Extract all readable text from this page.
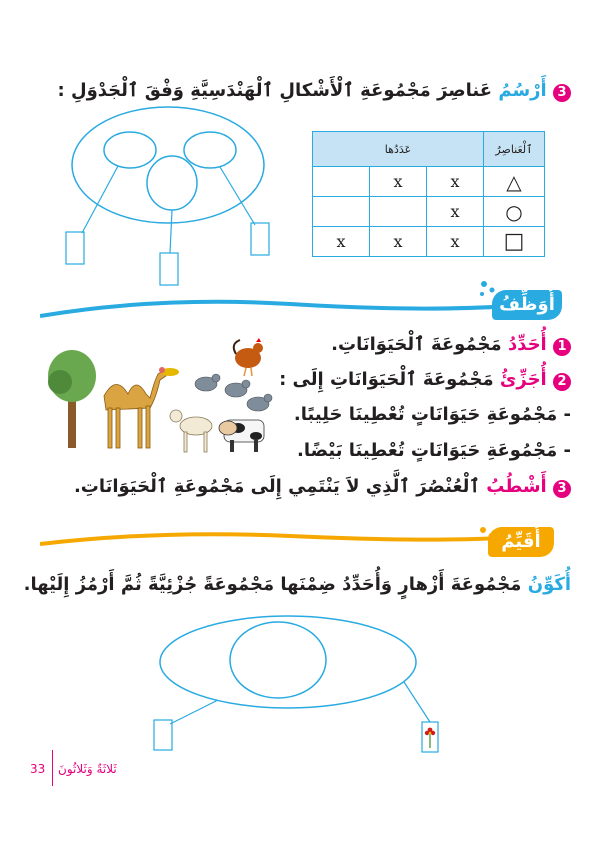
3 أَرْسُمُ عَناصِرَ مَجْمُوعَةِ ٱلْأَشْكالِ ٱلْهَنْدَسِيَّةِ وَفْقَ ٱلْجَدْوَلِ :
عَدَدُها			ٱلْعَناصِرُ
	x	x	△
		x	○
x	x	x	□
أُوَظِّفُ
1 أُحَدِّدُ مَجْمُوعَةَ ٱلْحَيَوَانَاتِ.
2 أُجَزِّئُ مَجْمُوعَةَ ٱلْحَيَوَانَاتِ إِلَى :
- مَجْمُوعَةِ حَيَوَانَاتٍ تُعْطِينَا حَلِيبًا.
- مَجْمُوعَةِ حَيَوَانَاتٍ تُعْطِينَا بَيْضًا.
3 أَشْطُبُ ٱلْعُنْصُرَ ٱلَّذِي لاَ يَنْتَمِي إِلَى مَجْمُوعَةِ ٱلْحَيَوَانَاتِ.
أُقَيِّمُ
أُكَوِّنُ مَجْمُوعَةَ أَزْهارٍ وَأُحَدِّدُ ضِمْنَها مَجْمُوعَةً جُزْئِيَّةً ثُمَّ أَرْمُزُ إِلَيْها.
33 ثَلاثَةٌ وَثَلاثُونَ
